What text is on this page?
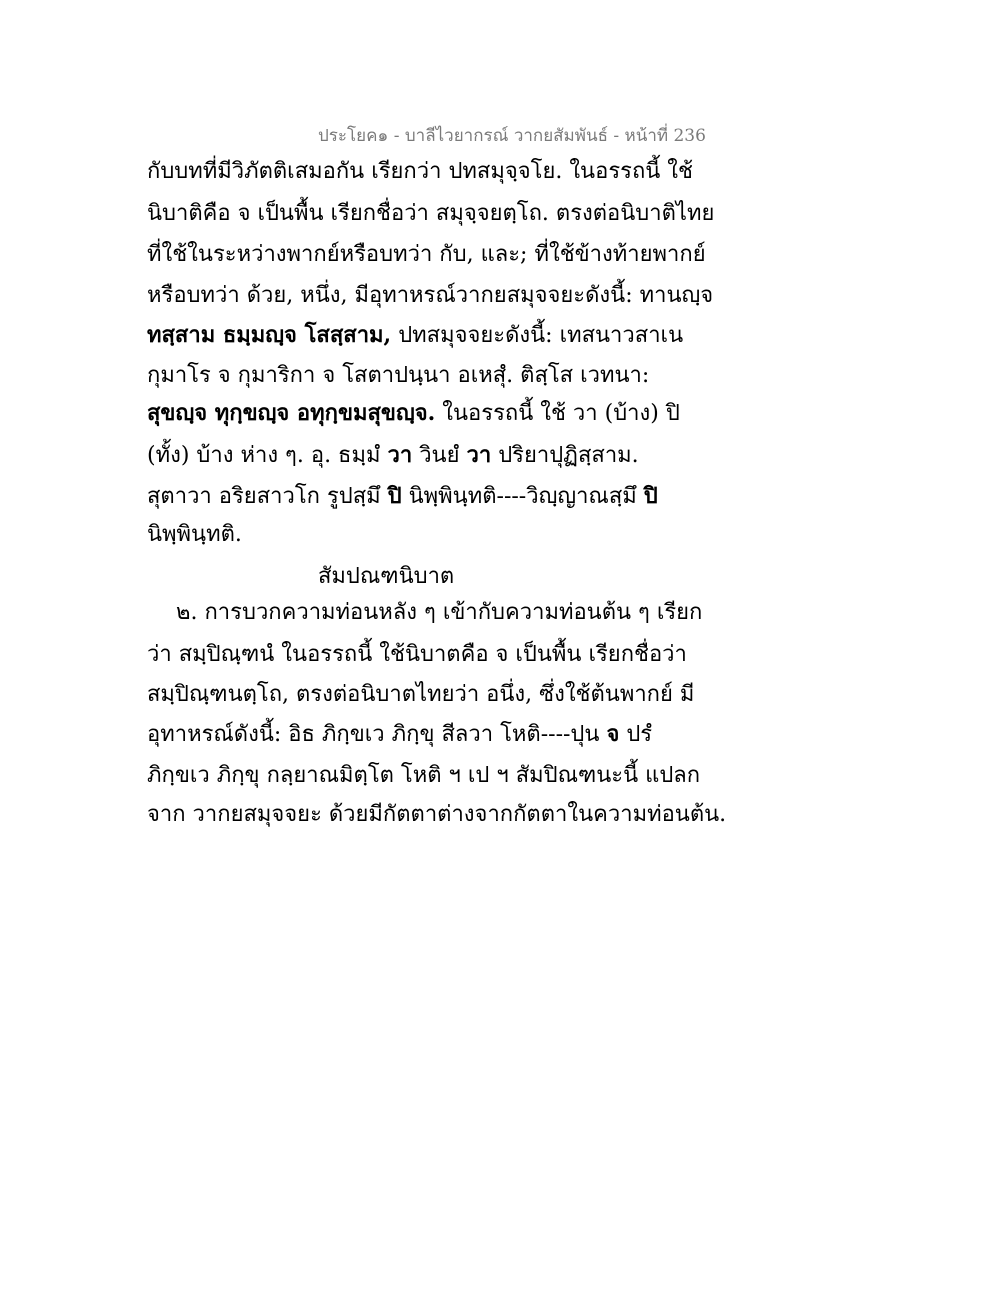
ประโยค๑ - บาลีไวยากรณ์ วากยสัมพันธ์ - หน้าที่ 236
กับบทที่มีวิภัตติเสมอกัน เรียกว่า ปทสมุจฺจโย. ในอรรถนี้ ใช้
นิบาติคือ จ เป็นพื้น เรียกชื่อว่า สมุจฺจยตฺโถ. ตรงต่อนิบาติไทย
ที่ใช้ในระหว่างพากย์หรือบทว่า กับ, และ; ที่ใช้ข้างท้ายพากย์
หรือบทว่า ด้วย, หนึ่ง, มีอุทาหรณ์วากยสมุจจยะดังนี้: ทานญฺจ
ทสฺสาม ธมฺมญฺจ โสสฺสาม, ปทสมุจจยะดังนี้: เทสนาวสาเน
กุมาโร จ กุมาริกา จ โสตาปนฺนา อเหสุํ. ติสฺโส เวทนา:
สุขญฺจ ทุกฺขญฺจ อทุกฺขมสุขญฺจ. ในอรรถนี้ ใช้ วา (บ้าง) ปิ
(ทั้ง) บ้าง ห่าง ๆ. อุ. ธมฺมํ วา วินยํ วา ปริยาปุฏิสฺสาม.
สุตาวา อริยสาวโก รูปสฺมึ ปิ นิพฺพินฺทติ----วิญฺญาณสฺมึ ปิ
นิพฺพินฺทติ.
สัมปณฑนิบาต
๒. การบวกความท่อนหลัง ๆ เข้ากับความท่อนต้น ๆ เรียก
ว่า สมฺปิณฺฑนํ ในอรรถนี้ ใช้นิบาตคือ จ เป็นพื้น เรียกชื่อว่า
สมฺปิณฺฑนตฺโถ, ตรงต่อนิบาตไทยว่า อนึ่ง, ซึ่งใช้ต้นพากย์ มี
อุทาหรณ์ดังนี้: อิธ ภิกฺขเว ภิกฺขุ สีลวา โหติ----ปุน จ ปรํ
ภิกฺขเว ภิกฺขุ กลฺยาณมิตฺโต โหติ ฯ เป ฯ สัมปิณฑนะนี้ แปลก
จาก วากยสมุจจยะ ด้วยมีกัตตาต่างจากกัตตาในความท่อนต้น.
